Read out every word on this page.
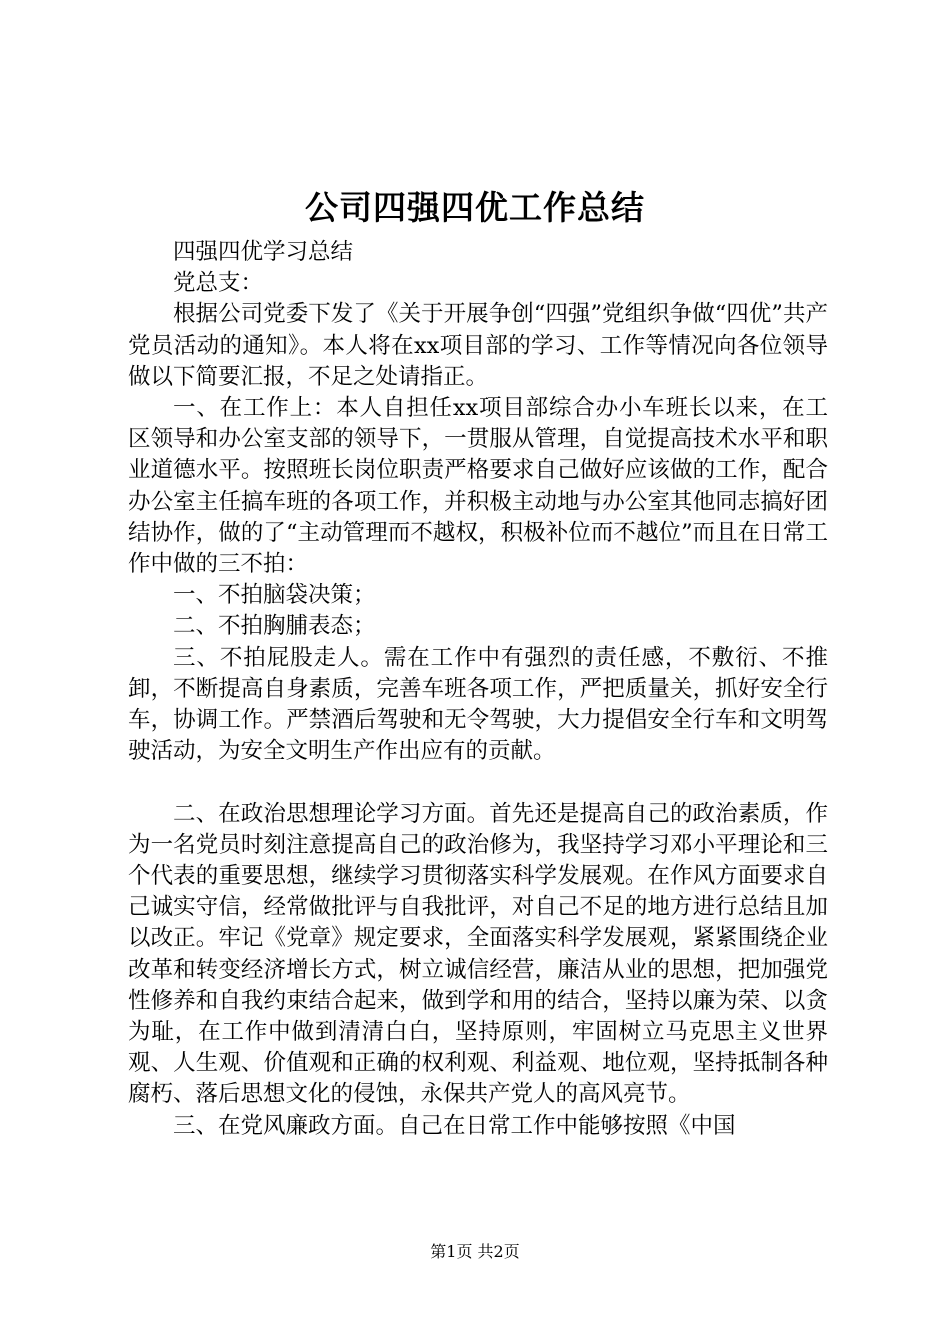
公司四强四优工作总结

四强四优学习总结

党总支：

根据公司党委下发了《关于开展争创“四强”党组织争做“四优”共产党员活动的通知》。本人将在xx项目部的学习、工作等情况向各位领导做以下简要汇报，不足之处请指正。

一、在工作上：本人自担任xx项目部综合办小车班长以来，在工区领导和办公室支部的领导下，一贯服从管理，自觉提高技术水平和职业道德水平。按照班长岗位职责严格要求自己做好应该做的工作，配合办公室主任搞车班的各项工作，并积极主动地与办公室其他同志搞好团结协作，做的了“主动管理而不越权，积极补位而不越位”而且在日常工作中做的三不拍：

一、不拍脑袋决策；

二、不拍胸脯表态；

三、不拍屁股走人。需在工作中有强烈的责任感，不敷衍、不推卸，不断提高自身素质，完善车班各项工作，严把质量关，抓好安全行车，协调工作。严禁酒后驾驶和无令驾驶，大力提倡安全行车和文明驾驶活动，为安全文明生产作出应有的贡献。

二、在政治思想理论学习方面。首先还是提高自己的政治素质，作为一名党员时刻注意提高自己的政治修为，我坚持学习邓小平理论和三个代表的重要思想，继续学习贯彻落实科学发展观。在作风方面要求自己诚实守信，经常做批评与自我批评，对自己不足的地方进行总结且加以改正。牢记《党章》规定要求，全面落实科学发展观，紧紧围绕企业改革和转变经济增长方式，树立诚信经营，廉洁从业的思想，把加强党性修养和自我约束结合起来，做到学和用的结合，坚持以廉为荣、以贪为耻，在工作中做到清清白白，坚持原则，牢固树立马克思主义世界观、人生观、价值观和正确的权利观、利益观、地位观，坚持抵制各种腐朽、落后思想文化的侵蚀，永保共产党人的高风亮节。

三、在党风廉政方面。自己在日常工作中能够按照《中国

第1页 共2页
